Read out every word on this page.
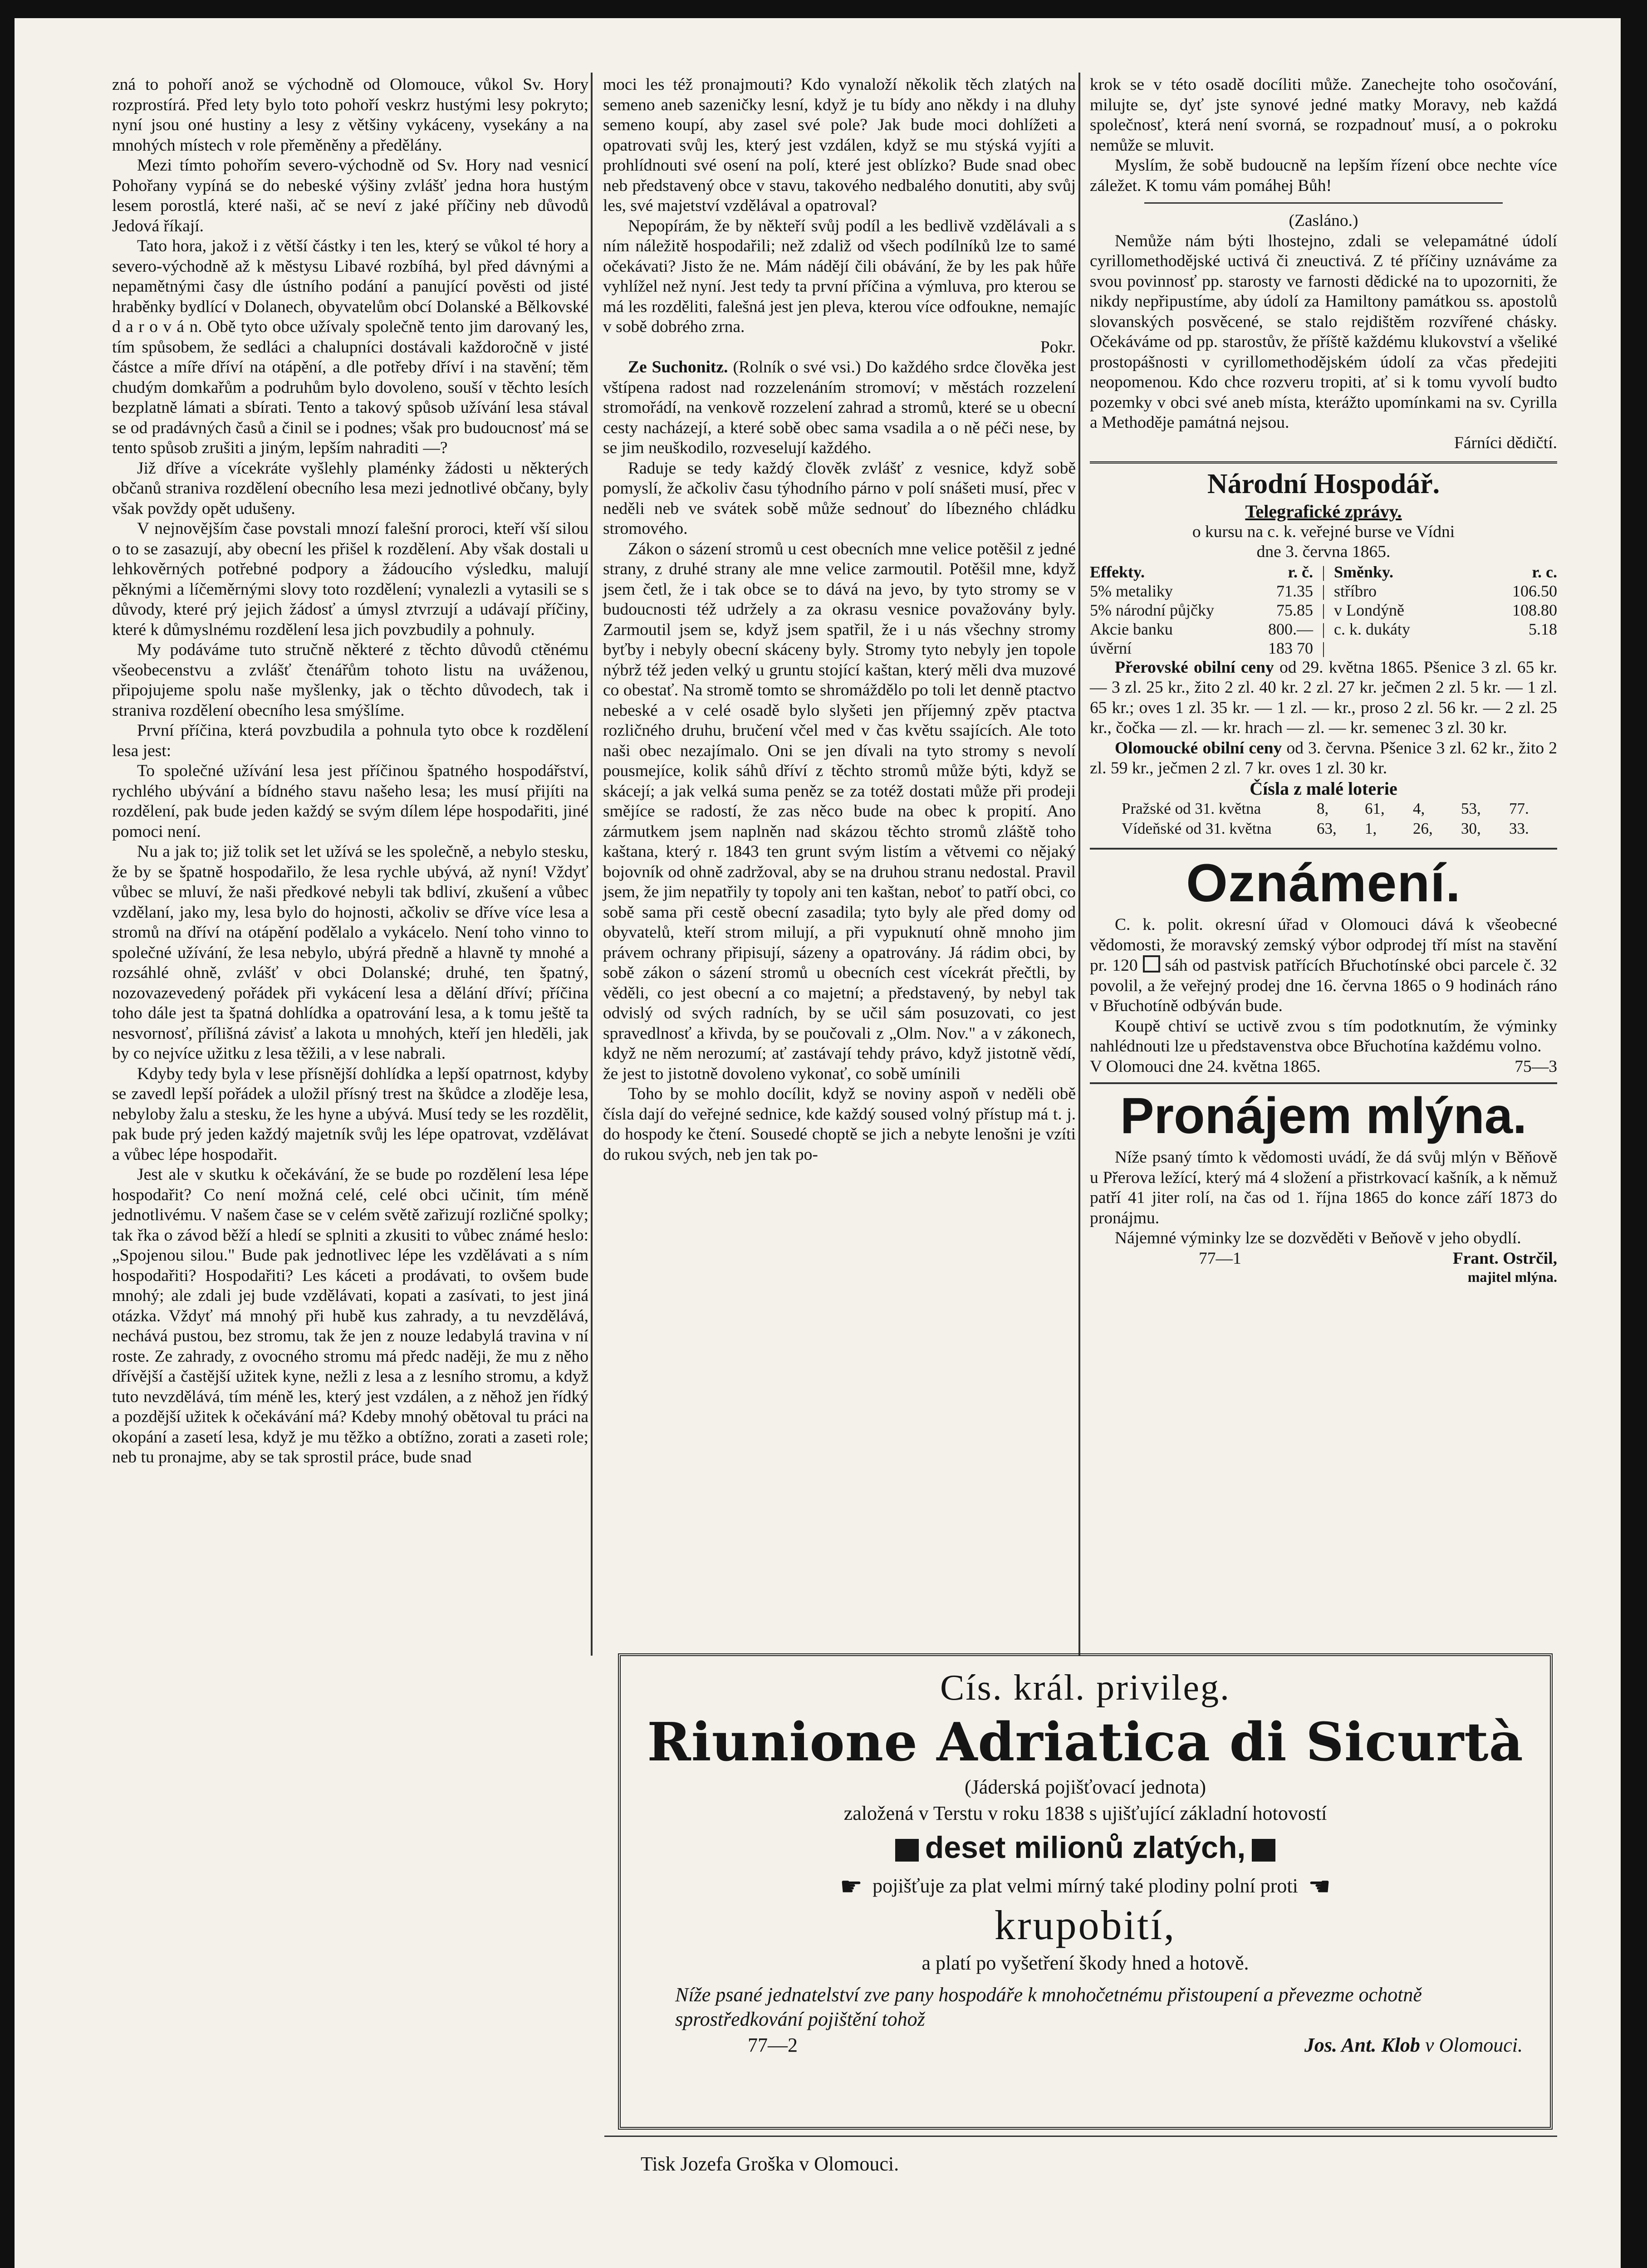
zná to pohoří anož se východně od Olomouce, vůkol Sv. Hory rozprostírá. Před lety bylo toto pohoří veskrz hustými lesy pokryto; nyní jsou oné hustiny a lesy z většiny vykáceny, vysekány a na mnohých místech v role přeměněny a předělány.

Mezi tímto pohořím severo-východně od Sv. Hory nad vesnicí Pohořany vypíná se do nebeské výšiny zvlášť jedna hora hustým lesem porostlá, které naši, ač se neví z jaké příčiny neb důvodů Jedová říkají.

Tato hora, jakož i z větší částky i ten les, který se vůkol té hory a severo-východně až k městysu Libavé rozbíhá, byl před dávnými a nepamětnými časy dle ústního podání a panující pověsti od jisté hraběnky bydlící v Dolanech, obyvatelům obcí Dolanské a Bělkovské d a r o v á n. Obě tyto obce užívaly společně tento jim darovaný les, tím spůsobem, že sedláci a chalupníci dostávali každoročně v jisté částce a míře dříví na otápění, a dle potřeby dříví i na stavění; těm chudým domkařům a podruhům bylo dovoleno, souší v těchto lesích bezplatně lámati a sbírati. Tento a takový spůsob užívání lesa stával se od pradávných časů a činil se i podnes; však pro budoucnosť má se tento spůsob zrušiti a jiným, lepším nahraditi —?

Již dříve a vícekráte vyšlehly plaménky žádosti u některých občanů straniva rozdělení obecního lesa mezi jednotlivé občany, byly však povždy opět udušeny.

V nejnovějším čase povstali mnozí falešní proroci, kteří vší silou o to se zasazují, aby obecní les přišel k rozdělení. Aby však dostali u lehkověrných potřebné podpory a žádoucího výsledku, malují pěknými a líčeměrnými slovy toto rozdělení; vynalezli a vytasili se s důvody, které prý jejich žádosť a úmysl ztvrzují a udávají příčiny, které k důmyslnému rozdělení lesa jich povzbudily a pohnuly.

My podáváme tuto stručně některé z těchto důvodů ctěnému všeobecenstvu a zvlášť čtenářům tohoto listu na uváženou, připojujeme spolu naše myšlenky, jak o těchto důvodech, tak i straniva rozdělení obecního lesa smýšlíme.

První příčina, která povzbudila a pohnula tyto obce k rozdělení lesa jest:

To společné užívání lesa jest příčinou špatného hospodářství, rychlého ubývání a bídného stavu našeho lesa; les musí přijíti na rozdělení, pak bude jeden každý se svým dílem lépe hospodařiti, jiné pomoci není.

Nu a jak to; již tolik set let užívá se les společně, a nebylo stesku, že by se špatně hospodařilo, že lesa rychle ubývá, až nyní! Vždyť vůbec se mluví, že naši předkové nebyli tak bdliví, zkušení a vůbec vzdělaní, jako my, lesa bylo do hojnosti, ačkoliv se dříve více lesa a stromů na dříví na otápění podělalo a vykácelo. Není toho vinno to společné užívání, že lesa nebylo, ubýrá předně a hlavně ty mnohé a rozsáhlé ohně, zvlášť v obci Dolanské; druhé, ten špatný, nozovazevedený pořádek při vykácení lesa a dělání dříví; příčina toho dále jest ta špatná dohlídka a opatrování lesa, a k tomu ještě ta nesvornosť, přílišná závisť a lakota u mnohých, kteří jen hleděli, jak by co nejvíce užitku z lesa těžili, a v lese nabrali.

Kdyby tedy byla v lese přísnější dohlídka a lepší opatrnost, kdyby se zavedl lepší pořádek a uložil přísný trest na škůdce a zloděje lesa, nebyloby žalu a stesku, že les hyne a ubývá. Musí tedy se les rozdělit, pak bude prý jeden každý majetník svůj les lépe opatrovat, vzdělávat a vůbec lépe hospodařit.

Jest ale v skutku k očekávání, že se bude po rozdělení lesa lépe hospodařit? Co není možná celé, celé obci učinit, tím méně jednotlivému. V našem čase se v celém světě zařizují rozličné spolky; tak řka o závod běží a hledí se splniti a zkusiti to vůbec známé heslo: „Spojenou silou." Bude pak jednotlivec lépe les vzdělávati a s ním hospodařiti? Hospodařiti? Les káceti a prodávati, to ovšem bude mnohý; ale zdali jej bude vzdělávati, kopati a zasívati, to jest jiná otázka. Vždyť má mnohý při hubě kus zahrady, a tu nevzdělává, nechává pustou, bez stromu, tak že jen z nouze ledabylá travina v ní roste. Ze zahrady, z ovocného stromu má předc naději, že mu z něho dřívější a častější užitek kyne, nežli z lesa a z lesního stromu, a když tuto nevzdělává, tím méně les, který jest vzdálen, a z něhož jen řídký a pozdější užitek k očekávání má? Kdeby mnohý obětoval tu práci na okopání a zasetí lesa, když je mu těžko a obtížno, zorati a zaseti role; neb tu pronajme, aby se tak sprostil práce, bude snad

moci les též pronajmouti? Kdo vynaloží několik těch zlatých na semeno aneb sazeničky lesní, když je tu bídy ano někdy i na dluhy semeno koupí, aby zasel své pole? Jak bude moci dohlížeti a opatrovati svůj les, který jest vzdálen, když se mu stýská vyjíti a prohlídnouti své osení na polí, které jest oblízko? Bude snad obec neb představený obce v stavu, takového nedbalého donutiti, aby svůj les, své majetství vzdělával a opatroval?

Nepopírám, že by někteří svůj podíl a les bedlivě vzdělávali a s ním náležitě hospodařili; než zdaliž od všech podílníků lze to samé očekávati? Jisto že ne. Mám nádějí čili obávání, že by les pak hůře vyhlížel než nyní. Jest tedy ta první příčina a výmluva, pro kterou se má les rozděliti, falešná jest jen pleva, kterou více odfoukne, nemajíc v sobě dobrého zrna.

Pokr.

Ze Suchonitz. (Rolník o své vsi.) Do každého srdce člověka jest vštípena radost nad rozzelenáním stromoví; v městách rozzelení stromořádí, na venkově rozzelení zahrad a stromů, které se u obecní cesty nacházejí, a které sobě obec sama vsadila a o ně péči nese, by se jim neuškodilo, rozveselují každého.

Raduje se tedy každý člověk zvlášť z vesnice, když sobě pomyslí, že ačkoliv času týhodního párno v polí snášeti musí, přec v neděli neb ve svátek sobě může sednouť do líbezného chládku stromového.

Zákon o sázení stromů u cest obecních mne velice potěšil z jedné strany, z druhé strany ale mne velice zarmoutil. Potěšil mne, když jsem četl, že i tak obce se to dává na jevo, by tyto stromy se v budoucnosti též udržely a za okrasu vesnice považovány byly. Zarmoutil jsem se, když jsem spatřil, že i u nás všechny stromy byťby i nebyly obecní skáceny byly. Stromy tyto nebyly jen topole nýbrž též jeden velký u gruntu stojící kaštan, který měli dva muzové co obestať. Na stromě tomto se shromáždělo po toli let denně ptactvo nebeské a v celé osadě bylo slyšeti jen příjemný zpěv ptactva rozličného druhu, bručení včel med v čas květu ssajících. Ale toto naši obec nezajímalo. Oni se jen dívali na tyto stromy s nevolí pousmejíce, kolik sáhů dříví z těchto stromů může býti, když se skácejí; a jak velká suma peněz se za totéž dostati může při prodeji smějíce se radostí, že zas něco bude na obec k propití. Ano zármutkem jsem naplněn nad skázou těchto stromů zláště toho kaštana, který r. 1843 ten grunt svým listím a větvemi co nějaký bojovník od ohně zadržoval, aby se na druhou stranu nedostal. Pravil jsem, že jim nepatřily ty topoly ani ten kaštan, neboť to patří obci, co sobě sama při cestě obecní zasadila; tyto byly ale před domy od obyvatelů, kteří strom milují, a při vypuknutí ohně mnoho jim právem ochrany připisují, sázeny a opatrovány. Já rádim obci, by sobě zákon o sázení stromů u obecních cest vícekrát přečtli, by věděli, co jest obecní a co majetní; a představený, by nebyl tak odvislý od svých radních, by se učil sám posuzovati, co jest spravedlnosť a křivda, by se poučovali z „Olm. Nov." a v zákonech, když ne něm nerozumí; ať zastávají tehdy právo, když jistotně vědí, že jest to jistotně dovoleno vykonať, co sobě umínili

Toho by se mohlo docílit, když se noviny aspoň v neděli obě čísla dají do veřejné sednice, kde každý soused volný přístup má t. j. do hospody ke čtení. Sousedé choptě se jich a nebyte lenošni je vzíti do rukou svých, neb jen tak po-

krok se v této osadě docíliti může. Zanechejte toho osočování, milujte se, dyť jste synové jedné matky Moravy, neb každá společnosť, která není svorná, se rozpadnouť musí, a o pokroku nemůže se mluvit.

Myslím, že sobě budoucně na lepším řízení obce nechte více záležet. K tomu vám pomáhej Bůh!

(Zasláno.)

Nemůže nám býti lhostejno, zdali se velepamátné údolí cyrillomethodějské uctivá či zneuctivá. Z té příčiny uznáváme za svou povinnosť pp. starosty ve farnosti dědické na to upozorniti, že nikdy nepřipustíme, aby údolí za Hamiltony památkou ss. apostolů slovanských posvěcené, se stalo rejdištěm rozvířené chásky. Očekáváme od pp. starostův, že příště každému klukovství a všeliké prostopášnosti v cyrillomethodějském údolí za včas předejiti neopomenou. Kdo chce rozveru tropiti, ať si k tomu vyvolí budto pozemky v obci své aneb místa, kterážto upomínkami na sv. Cyrilla a Methoděje památná nejsou.

Fárníci dědičtí.

Národní Hospodář.
Telegrafické zprávy.

o kursu na c. k. veřejné burse ve Vídni

dne 3. června 1865.

Effekty.	r. č. | Směnky.	r. c.
5% metaliky	71.35 | stříbro	106.50
5% národní půjčky	75.85 | v Londýně	108.80
Akcie banku	800.— | c. k. dukáty	5.18
úvěrní	183 70 |

Přerovské obilní ceny od 29. května 1865. Pšenice 3 zl. 65 kr. — 3 zl. 25 kr., žito 2 zl. 40 kr. 2 zl. 27 kr. ječmen 2 zl. 5 kr. — 1 zl. 65 kr.; oves 1 zl. 35 kr. — 1 zl. — kr., proso 2 zl. 56 kr. — 2 zl. 25 kr., čočka — zl. — kr. hrach — zl. — kr. semenec 3 zl. 30 kr.

Olomoucké obilní ceny od 3. června. Pšenice 3 zl. 62 kr., žito 2 zl. 59 kr., ječmen 2 zl. 7 kr. oves 1 zl. 30 kr.

Čísla z malé loterie
Pražské od 31. května	8,	61,	4,	53,	77.
Vídeňské od 31. května	63,	1,	26,	30,	33.
Oznámení.

C. k. polit. okresní úřad v Olomouci dává k všeobecné vědomosti, že moravský zemský výbor odprodej tří míst na stavění pr. 120 sáh od pastvisk patřících Břuchotínské obci parcele č. 32 povolil, a že veřejný prodej dne 16. června 1865 o 9 hodinách ráno v Břuchotíně odbýván bude.

Koupě chtiví se uctivě zvou s tím podotknutím, že výminky nahlédnouti lze u představenstva obce Břuchotína každému volno.

V Olomouci dne 24. května 1865.	75—3

Pronájem mlýna.

Níže psaný tímto k vědomosti uvádí, že dá svůj mlýn v Běňově u Přerova ležící, který má 4 složení a přistrkovací kašník, a k němuž patří 41 jiter rolí, na čas od 1. října 1865 do konce září 1873 do pronájmu.

Nájemné výminky lze se dozvěděti v Beňově v jeho obydlí.

77—1	Frant. Ostrčil,

majitel mlýna.

Cís. král. privileg.
Riunione Adriatica di Sicurtà
(Jáderská pojišťovací jednota)
založená v Terstu v roku 1838 s ujišťující základní hotovostí
deset milionů zlatých,
☛ pojišťuje za plat velmi mírný také plodiny polní proti ☚
krupobití,
a platí po vyšetření škody hned a hotově.
Níže psané jednatelství zve pany hospodáře k mnohočetnému přistoupení a převezme ochotně sprostředkování pojištění tohož
77—2	Jos. Ant. Klob v Olomouci.
Tisk Jozefa Groška v Olomouci.
